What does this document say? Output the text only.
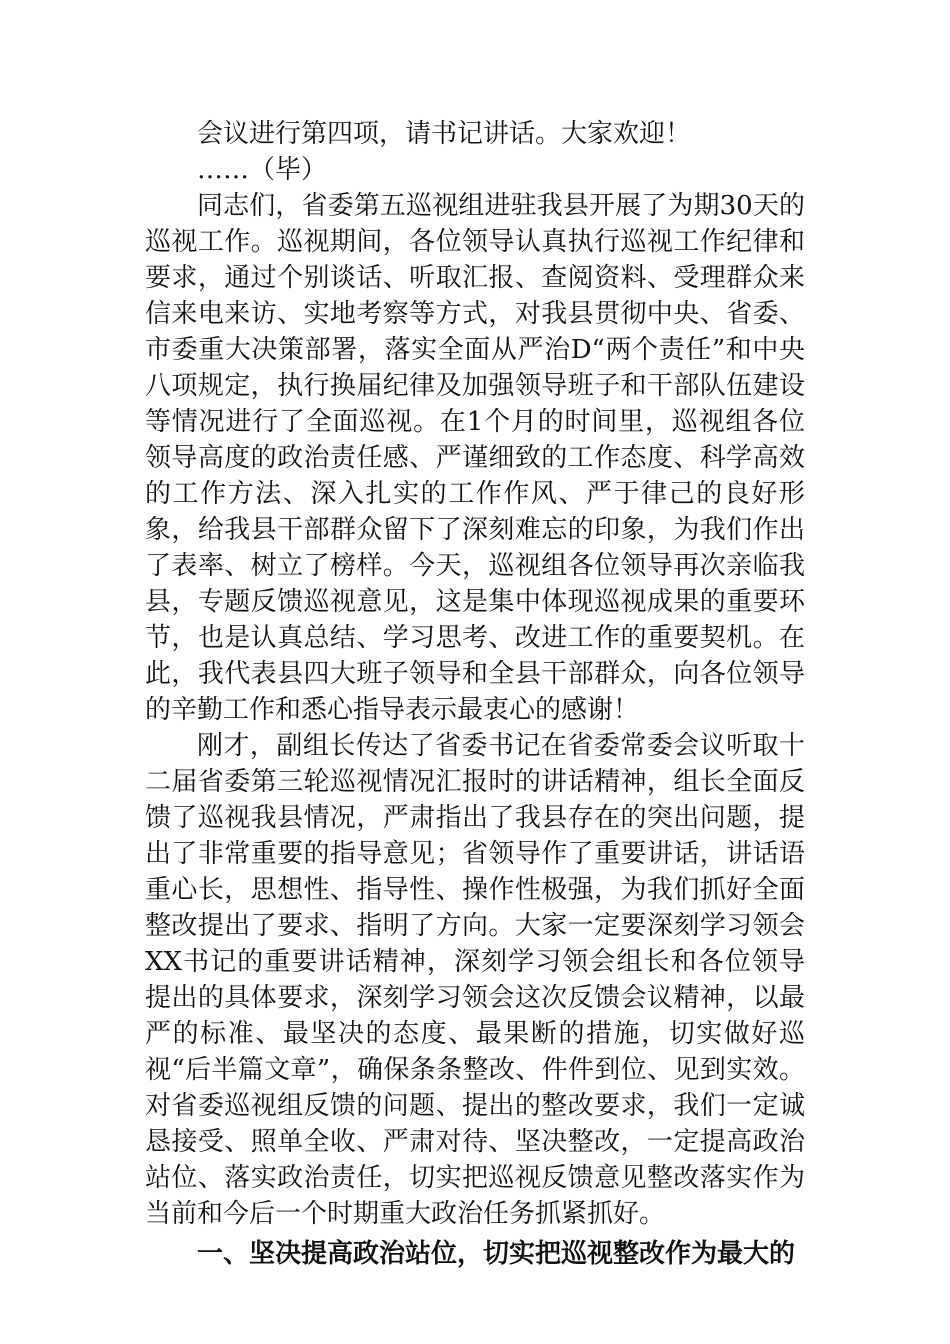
会议进行第四项，请书记讲话。大家欢迎！

……（毕）

同志们，省委第五巡视组进驻我县开展了为期30天的巡视工作。巡视期间，各位领导认真执行巡视工作纪律和要求，通过个别谈话、听取汇报、查阅资料、受理群众来信来电来访、实地考察等方式，对我县贯彻中央、省委、市委重大决策部署，落实全面从严治D“两个责任”和中央八项规定，执行换届纪律及加强领导班子和干部队伍建设等情况进行了全面巡视。在1个月的时间里，巡视组各位领导高度的政治责任感、严谨细致的工作态度、科学高效的工作方法、深入扎实的工作作风、严于律己的良好形象，给我县干部群众留下了深刻难忘的印象，为我们作出了表率、树立了榜样。今天，巡视组各位领导再次亲临我县，专题反馈巡视意见，这是集中体现巡视成果的重要环节，也是认真总结、学习思考、改进工作的重要契机。在此，我代表县四大班子领导和全县干部群众，向各位领导的辛勤工作和悉心指导表示最衷心的感谢！

刚才，副组长传达了省委书记在省委常委会议听取十二届省委第三轮巡视情况汇报时的讲话精神，组长全面反馈了巡视我县情况，严肃指出了我县存在的突出问题，提出了非常重要的指导意见；省领导作了重要讲话，讲话语重心长，思想性、指导性、操作性极强，为我们抓好全面整改提出了要求、指明了方向。大家一定要深刻学习领会XX书记的重要讲话精神，深刻学习领会组长和各位领导提出的具体要求，深刻学习领会这次反馈会议精神，以最严的标准、最坚决的态度、最果断的措施，切实做好巡视“后半篇文章”，确保条条整改、件件到位、见到实效。对省委巡视组反馈的问题、提出的整改要求，我们一定诚恳接受、照单全收、严肃对待、坚决整改，一定提高政治站位、落实政治责任，切实把巡视反馈意见整改落实作为当前和今后一个时期重大政治任务抓紧抓好。

一、坚决提高政治站位，切实把巡视整改作为最大的
